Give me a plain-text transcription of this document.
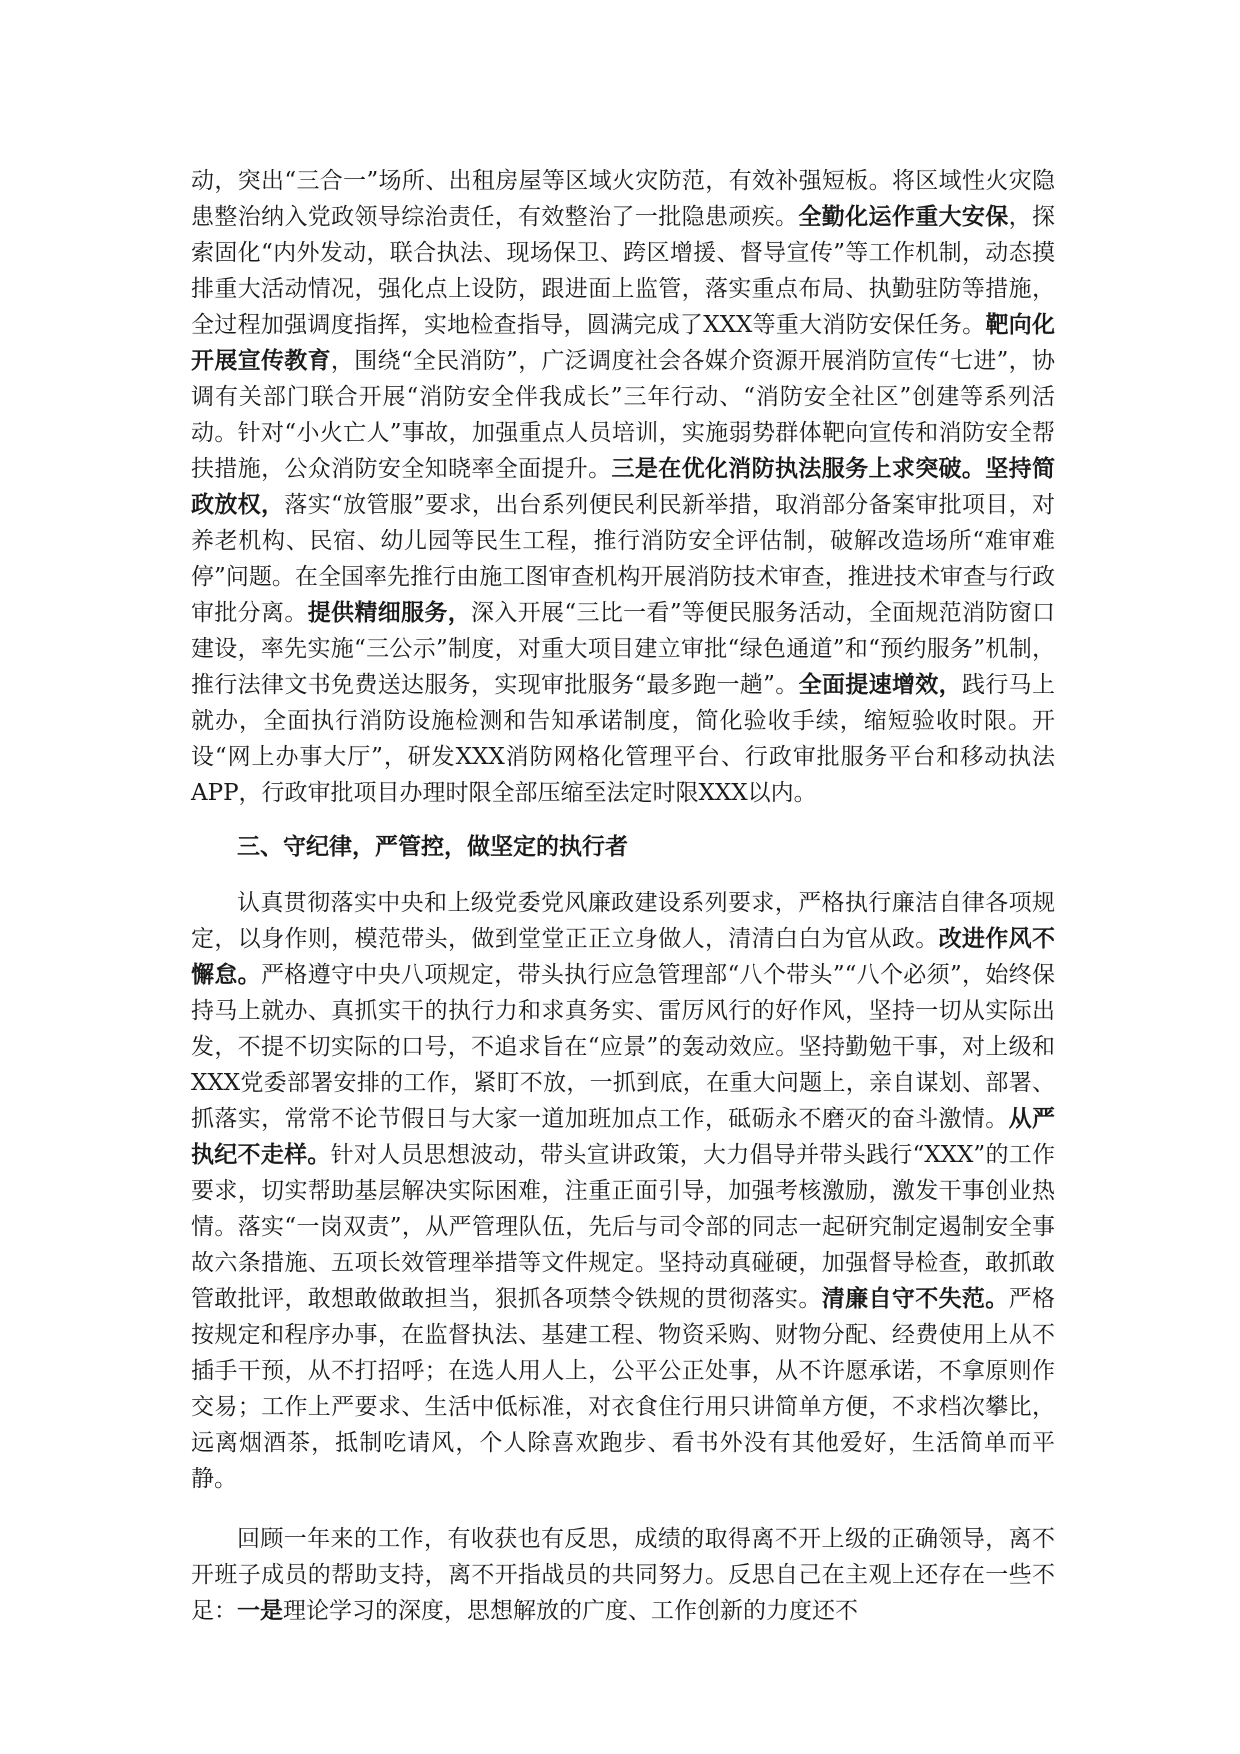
动，突出“三合一”场所、出租房屋等区域火灾防范，有效补强短板。将区域性火灾隐患整治纳入党政领导综治责任，有效整治了一批隐患顽疾。全勤化运作重大安保，探索固化“内外发动，联合执法、现场保卫、跨区增援、督导宣传”等工作机制，动态摸排重大活动情况，强化点上设防，跟进面上监管，落实重点布局、执勤驻防等措施，全过程加强调度指挥，实地检查指导，圆满完成了XXX等重大消防安保任务。靶向化开展宣传教育，围绕“全民消防”，广泛调度社会各媒介资源开展消防宣传“七进”，协调有关部门联合开展“消防安全伴我成长”三年行动、“消防安全社区”创建等系列活动。针对“小火亡人”事故，加强重点人员培训，实施弱势群体靶向宣传和消防安全帮扶措施，公众消防安全知晓率全面提升。三是在优化消防执法服务上求突破。坚持简政放权，落实“放管服”要求，出台系列便民利民新举措，取消部分备案审批项目，对养老机构、民宿、幼儿园等民生工程，推行消防安全评估制，破解改造场所“难审难停”问题。在全国率先推行由施工图审查机构开展消防技术审查，推进技术审查与行政审批分离。提供精细服务，深入开展“三比一看”等便民服务活动，全面规范消防窗口建设，率先实施“三公示”制度，对重大项目建立审批“绿色通道”和“预约服务”机制，推行法律文书免费送达服务，实现审批服务“最多跑一趟”。全面提速增效，践行马上就办，全面执行消防设施检测和告知承诺制度，简化验收手续，缩短验收时限。开设“网上办事大厅”，研发XXX消防网格化管理平台、行政审批服务平台和移动执法APP，行政审批项目办理时限全部压缩至法定时限XXX以内。

三、守纪律，严管控，做坚定的执行者

认真贯彻落实中央和上级党委党风廉政建设系列要求，严格执行廉洁自律各项规定，以身作则，模范带头，做到堂堂正正立身做人，清清白白为官从政。改进作风不懈怠。严格遵守中央八项规定，带头执行应急管理部“八个带头”“八个必须”，始终保持马上就办、真抓实干的执行力和求真务实、雷厉风行的好作风，坚持一切从实际出发，不提不切实际的口号，不追求旨在“应景”的轰动效应。坚持勤勉干事，对上级和XXX党委部署安排的工作，紧盯不放，一抓到底，在重大问题上，亲自谋划、部署、抓落实，常常不论节假日与大家一道加班加点工作，砥砺永不磨灭的奋斗激情。从严执纪不走样。针对人员思想波动，带头宣讲政策，大力倡导并带头践行“XXX”的工作要求，切实帮助基层解决实际困难，注重正面引导，加强考核激励，激发干事创业热情。落实“一岗双责”，从严管理队伍，先后与司令部的同志一起研究制定遏制安全事故六条措施、五项长效管理举措等文件规定。坚持动真碰硬，加强督导检查，敢抓敢管敢批评，敢想敢做敢担当，狠抓各项禁令铁规的贯彻落实。清廉自守不失范。严格按规定和程序办事，在监督执法、基建工程、物资采购、财物分配、经费使用上从不插手干预，从不打招呼；在选人用人上，公平公正处事，从不许愿承诺，不拿原则作交易；工作上严要求、生活中低标准，对衣食住行用只讲简单方便，不求档次攀比，远离烟酒茶，抵制吃请风，个人除喜欢跑步、看书外没有其他爱好，生活简单而平静。

回顾一年来的工作，有收获也有反思，成绩的取得离不开上级的正确领导，离不开班子成员的帮助支持，离不开指战员的共同努力。反思自己在主观上还存在一些不足：一是理论学习的深度，思想解放的广度、工作创新的力度还不
